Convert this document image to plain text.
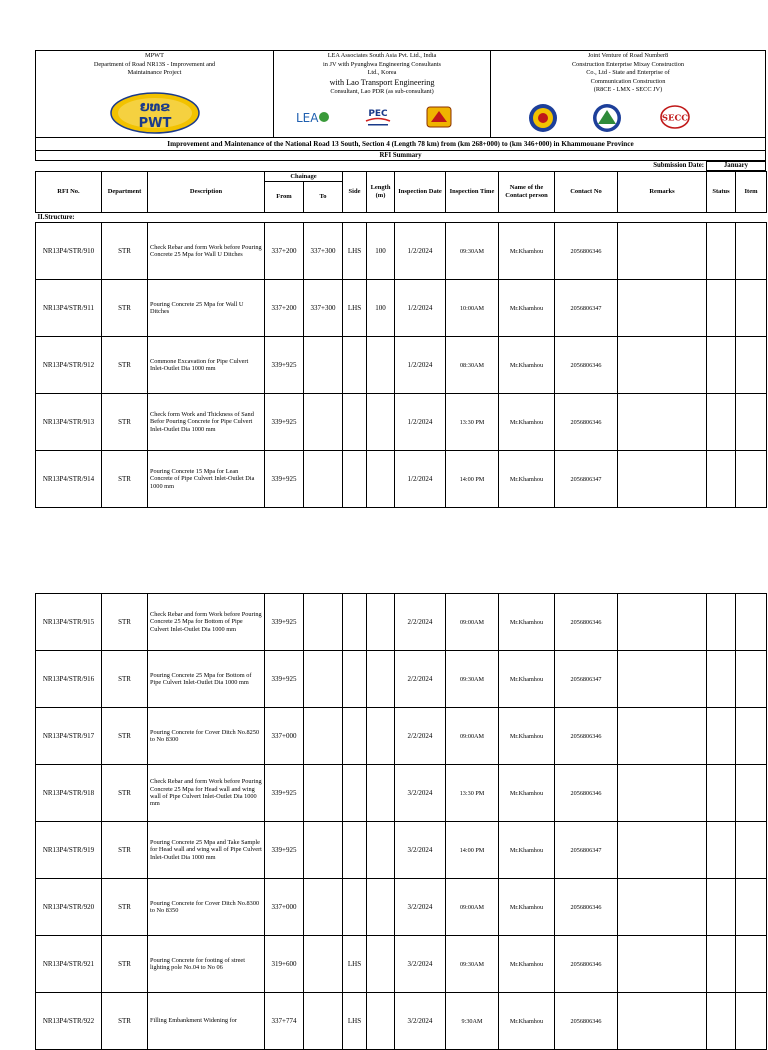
MPWT
Department of Road NR13S - Improvement and
Maintainance Project
ຍທຂ
PWT
LEA Associates South Asia Pvt. Ltd., India
in JV with Pyunghwa Engineering Consultants
Ltd., Korea
with Lao Transport Engineering
Consultant, Lao PDR (as sub-consultant)
LEA	PEC
Joint Venture of Road Number8
Construction Enterprise Mixay Construction
Co., Ltd - State and Enterprise of
Communication Construction
(R8CE - LMX - SECC JV)
SECC
Improvement and Maintenance of the National Road 13 South, Section 4 (Length 78 km) from (km 268+000) to (km 346+000) in Khammouane Province
RFI Summary
Submission Date:	January
RFI No.	Department	Description	Chainage		Side	Length (m)	Inspection Date	Inspection Time	Name of the Contact person	Contact No	Remarks	Status	Item
			From	To									
II.Structure:													
NR13P4/STR/910	STR	Check Rebar and form Work before Pouring Concrete 25 Mpa for Wall U Ditches	337+200	337+300	LHS	100	1/2/2024	09:30AM	Mr.Khamhou	2056806346			
NR13P4/STR/911	STR	Pouring Concrete 25 Mpa for Wall U Ditches	337+200	337+300	LHS	100	1/2/2024	10:00AM	Mr.Khamhou	2056806347			
NR13P4/STR/912	STR	Commone Excavation for Pipe Culvert Inlet-Outlet Dia 1000 mm	339+925				1/2/2024	08:30AM	Mr.Khamhou	2056806346			
NR13P4/STR/913	STR	Check form Work and Thickness of Sand Befor Pouring Concrete for Pipe Culvert Inlet-Outlet Dia 1000 mm	339+925				1/2/2024	13:30 PM	Mr.Khamhou	2056806346			
NR13P4/STR/914	STR	Pouring Concrete 15 Mpa for Lean Concrete of Pipe Culvert Inlet-Outlet Dia 1000 mm	339+925				1/2/2024	14:00 PM	Mr.Khamhou	2056806347			
NR13P4/STR/915	STR	Check Rebar and form Work before Pouring Concrete 25 Mpa for Bottom of Pipe Culvert Inlet-Outlet Dia 1000 mm	339+925				2/2/2024	09:00AM	Mr.Khamhou	2056806346			
NR13P4/STR/916	STR	Pouring Concrete 25 Mpa for Bottom of Pipe Culvert Inlet-Outlet Dia 1000 mm	339+925				2/2/2024	09:30AM	Mr.Khamhou	2056806347			
NR13P4/STR/917	STR	Pouring Concrete for Cover Ditch No.8250 to No 8300	337+000				2/2/2024	09:00AM	Mr.Khamhou	2056806346			
NR13P4/STR/918	STR	Check Rebar and form Work before Pouring Concrete 25 Mpa for Head wall and wing wall of Pipe Culvert Inlet-Outlet Dia 1000 mm	339+925				3/2/2024	13:30 PM	Mr.Khamhou	2056806346			
NR13P4/STR/919	STR	Pouring Concrete 25 Mpa and Take Sample for Head wall and wing wall of Pipe Culvert Inlet-Outlet Dia 1000 mm	339+925				3/2/2024	14:00 PM	Mr.Khamhou	2056806347			
NR13P4/STR/920	STR	Pouring Concrete for Cover Ditch No.8300 to No 8350	337+000				3/2/2024	09:00AM	Mr.Khamhou	2056806346			
NR13P4/STR/921	STR	Pouring Concrete for footing of street lighting pole No.04 to No 06	319+600		LHS		3/2/2024	09:30AM	Mr.Khamhou	2056806346			
NR13P4/STR/922	STR	Filling Embankment Widening for	337+774		LHS		3/2/2024	9:30AM	Mr.Khamhou	2056806346			
